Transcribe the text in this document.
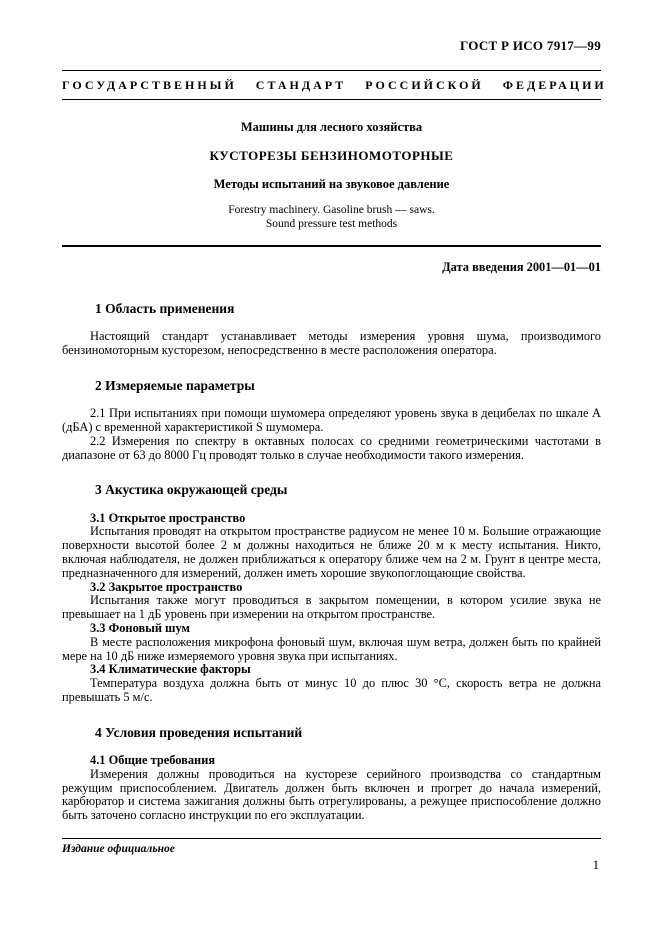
ГОСТ Р ИСО 7917—99
ГОСУДАРСТВЕННЫЙ СТАНДАРТ РОССИЙСКОЙ ФЕДЕРАЦИИ
Машины для лесного хозяйства
КУСТОРЕЗЫ БЕНЗИНОМОТОРНЫЕ
Методы испытаний на звуковое давление
Forestry machinery. Gasoline brush — saws.
Sound pressure test methods
Дата введения 2001—01—01
1 Область применения

Настоящий стандарт устанавливает методы измерения уровня шума, производимого бензиномоторным кусторезом, непосредственно в месте расположения оператора.

2 Измеряемые параметры

2.1 При испытаниях при помощи шумомера определяют уровень звука в децибелах по шкале А (дБА) с временной характеристикой S шумомера.

2.2 Измерения по спектру в октавных полосах со средними геометрическими частотами в диапазоне от 63 до 8000 Гц проводят только в случае необходимости такого измерения.

3 Акустика окружающей среды
3.1 Открытое пространство

Испытания проводят на открытом пространстве радиусом не менее 10 м. Большие отражающие поверхности высотой более 2 м должны находиться не ближе 20 м к месту испытания. Никто, включая наблюдателя, не должен приближаться к оператору ближе чем на 2 м. Грунт в центре места, предназначенного для измерений, должен иметь хорошие звукопоглощающие свойства.

3.2 Закрытое пространство

Испытания также могут проводиться в закрытом помещении, в котором усилие звука не превышает на 1 дБ уровень при измерении на открытом пространстве.

3.3 Фоновый шум

В месте расположения микрофона фоновый шум, включая шум ветра, должен быть по крайней мере на 10 дБ ниже измеряемого уровня звука при испытаниях.

3.4 Климатические факторы

Температура воздуха должна быть от минус 10 до плюс 30 °С, скорость ветра не должна превышать 5 м/с.

4 Условия проведения испытаний
4.1 Общие требования

Измерения должны проводиться на кусторезе серийного производства со стандартным режущим приспособлением. Двигатель должен быть включен и прогрет до начала измерений, карбюратор и система зажигания должны быть отрегулированы, а режущее приспособление должно быть заточено согласно инструкции по его эксплуатации.

Издание официальное
1
